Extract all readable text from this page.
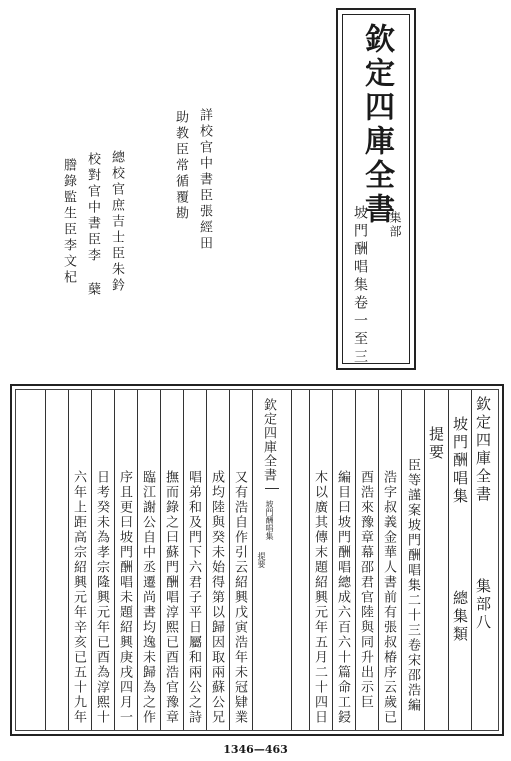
欽定四庫全書
集部
坡門酬唱集卷一至三
詳校官中書臣張經田
助教臣常循覆勘
總校官庶吉士臣朱鈐
校對官中書臣李 蘖
謄錄監生臣李文杞
欽定四庫全書
坡門酬唱集
提要
欽定四庫全書
集部八
坡門酬唱集
總集類
提要
臣等謹案坡門酬唱集二十三卷宋邵浩編
浩字叔義金華人書前有張叔椿序云歲已
酉浩來豫章幕邵君官陸與同升出示巨
編目曰坡門酬唱總成六百六十篇命工鋟
木以廣其傳末題紹興元年五月二十四日
又有浩自作引云紹興戊寅浩年未冠肄業
成均陸與癸未始得第以歸因取兩蘇公兄
唱弟和及門下六君子平日屬和兩公之詩
撫而錄之曰蘇門酬唱淳熙已酉浩官豫章
臨江謝公自中丞遷尚書均逸未歸為之作
序且更曰坡門酬唱未題紹興庚戌四月一
日考癸未為孝宗隆興元年已酉為淳熙十
六年上距高宗紹興元年辛亥已五十九年
1346—463
